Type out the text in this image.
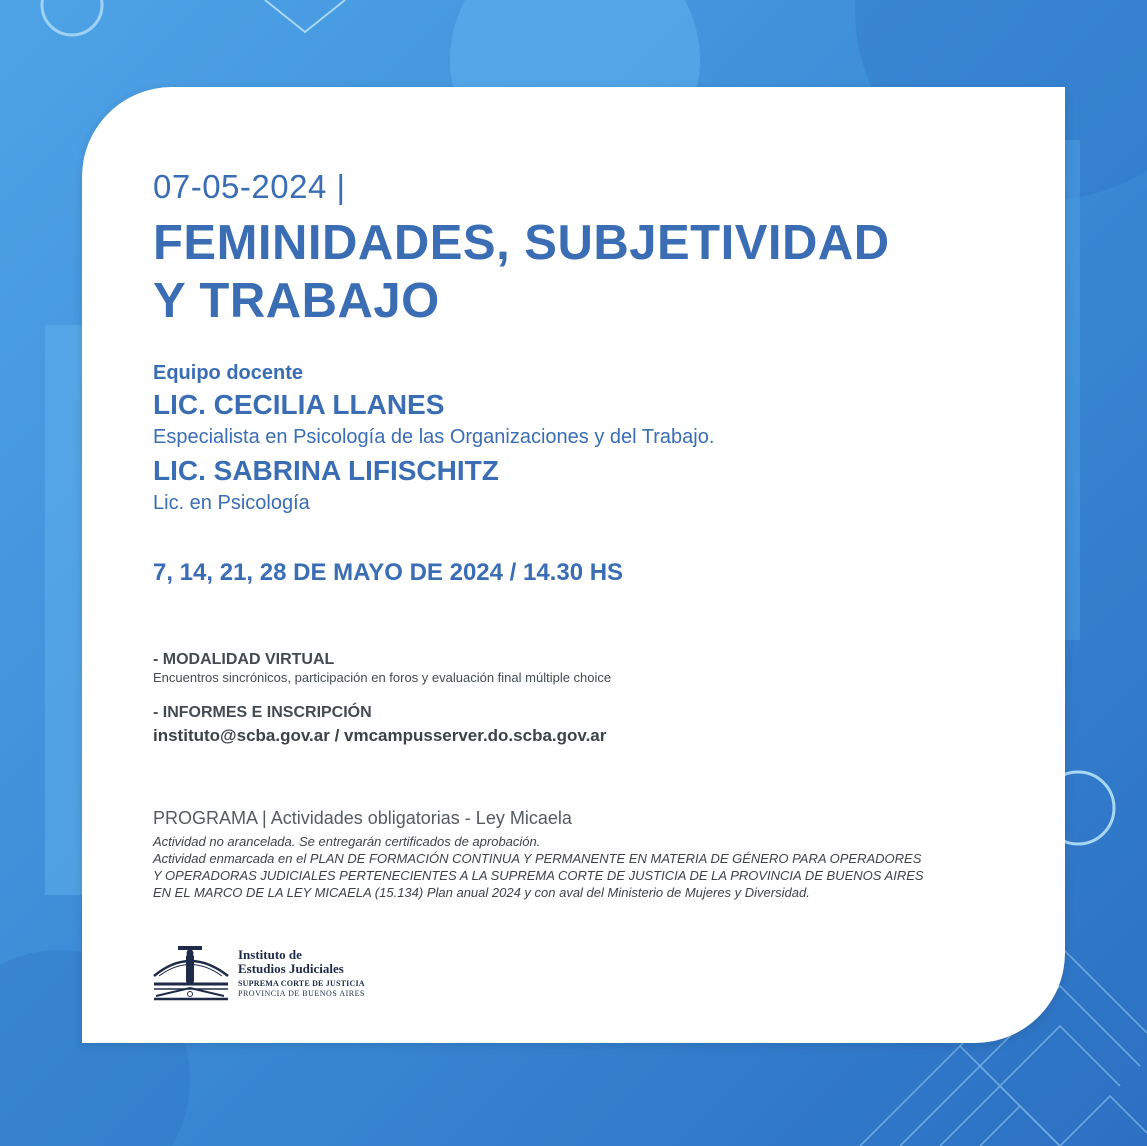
07-05-2024 |
FEMINIDADES, SUBJETIVIDAD
Y TRABAJO
Equipo docente
LIC. CECILIA LLANES
Especialista en Psicología de las Organizaciones y del Trabajo.
LIC. SABRINA LIFISCHITZ
Lic. en Psicología
7, 14, 21, 28 DE MAYO DE 2024 / 14.30 HS
- MODALIDAD VIRTUAL
Encuentros sincrónicos, participación en foros y evaluación final múltiple choice
- INFORMES E INSCRIPCIÓN
instituto@scba.gov.ar / vmcampusserver.do.scba.gov.ar
PROGRAMA | Actividades obligatorias - Ley Micaela
Actividad no arancelada. Se entregarán certificados de aprobación.
Actividad enmarcada en el PLAN DE FORMACIÓN CONTINUA Y PERMANENTE EN MATERIA DE GÉNERO PARA OPERADORES
Y OPERADORAS JUDICIALES PERTENECIENTES A LA SUPREMA CORTE DE JUSTICIA DE LA PROVINCIA DE BUENOS AIRES
EN EL MARCO DE LA LEY MICAELA (15.134) Plan anual 2024 y con aval del Ministerio de Mujeres y Diversidad.
Instituto de
Estudios Judiciales
SUPREMA CORTE DE JUSTICIA
PROVINCIA DE BUENOS AIRES
